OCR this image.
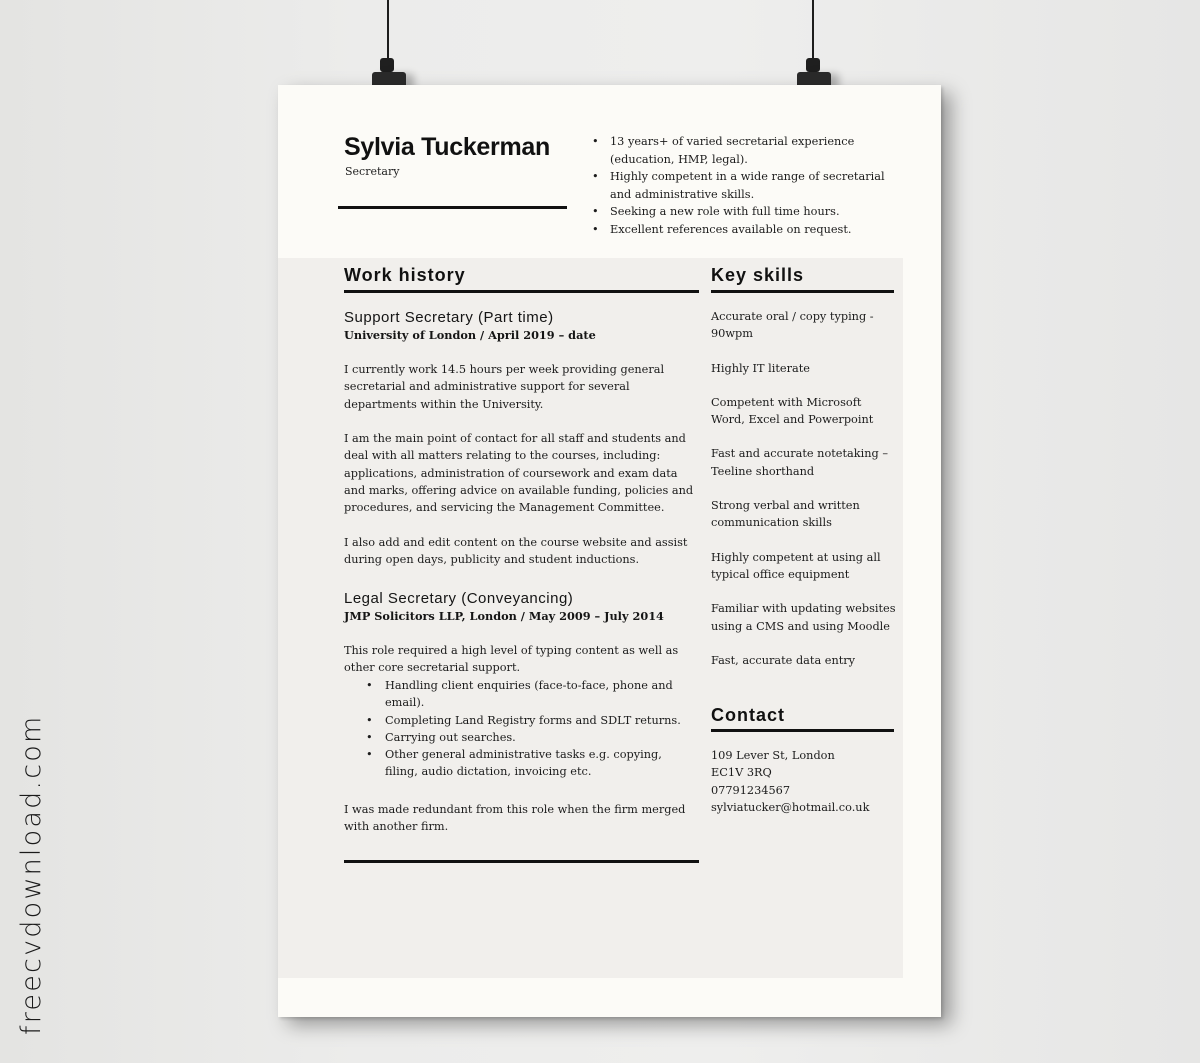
freecvdownload.com
Sylvia Tuckerman
Secretary
• 13 years+ of varied secretarial experience (education, HMP, legal).
• Highly competent in a wide range of secretarial and administrative skills.
• Seeking a new role with full time hours.
• Excellent references available on request.
Work history
Support Secretary (Part time)
University of London / April 2019 – date

I currently work 14.5 hours per week providing general secretarial and administrative support for several departments within the University.

I am the main point of contact for all staff and students and deal with all matters relating to the courses, including: applications, administration of coursework and exam data and marks, offering advice on available funding, policies and procedures, and servicing the Management Committee.

I also add and edit content on the course website and assist during open days, publicity and student inductions.

Legal Secretary (Conveyancing)
JMP Solicitors LLP, London / May 2009 – July 2014

This role required a high level of typing content as well as other core secretarial support.

• Handling client enquiries (face-to-face, phone and email).
• Completing Land Registry forms and SDLT returns.
• Carrying out searches.
• Other general administrative tasks e.g. copying, filing, audio dictation, invoicing etc.

I was made redundant from this role when the firm merged with another firm.

Key skills
Accurate oral / copy typing - 90wpm
Highly IT literate
Competent with Microsoft Word, Excel and Powerpoint
Fast and accurate notetaking – Teeline shorthand
Strong verbal and written communication skills
Highly competent at using all typical office equipment
Familiar with updating websites using a CMS and using Moodle
Fast, accurate data entry
Contact
109 Lever St, London
EC1V 3RQ
07791234567
sylviatucker@hotmail.co.uk
